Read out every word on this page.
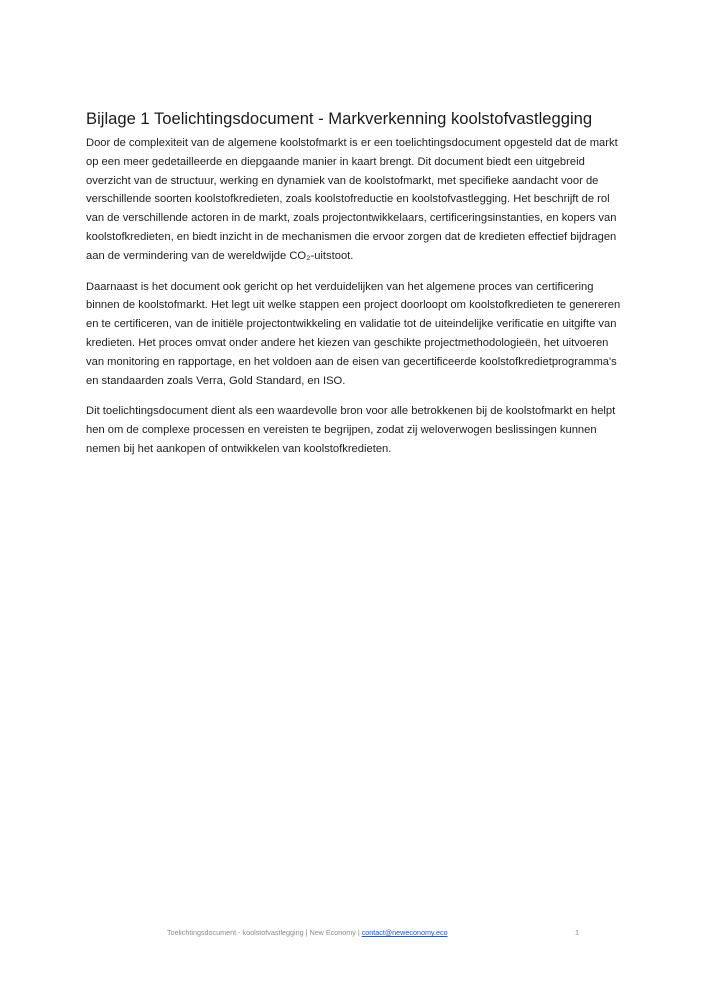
Bijlage 1 Toelichtingsdocument - Markverkenning koolstofvastlegging

Door de complexiteit van de algemene koolstofmarkt is er een toelichtingsdocument opgesteld dat de markt op een meer gedetailleerde en diepgaande manier in kaart brengt. Dit document biedt een uitgebreid overzicht van de structuur, werking en dynamiek van de koolstofmarkt, met specifieke aandacht voor de verschillende soorten koolstofkredieten, zoals koolstofreductie en koolstofvastlegging. Het beschrijft de rol van de verschillende actoren in de markt, zoals projectontwikkelaars, certificeringsinstanties, en kopers van koolstofkredieten, en biedt inzicht in de mechanismen die ervoor zorgen dat de kredieten effectief bijdragen aan de vermindering van de wereldwijde CO₂-uitstoot.

Daarnaast is het document ook gericht op het verduidelijken van het algemene proces van certificering binnen de koolstofmarkt. Het legt uit welke stappen een project doorloopt om koolstofkredieten te genereren en te certificeren, van de initiële projectontwikkeling en validatie tot de uiteindelijke verificatie en uitgifte van kredieten. Het proces omvat onder andere het kiezen van geschikte projectmethodologieën, het uitvoeren van monitoring en rapportage, en het voldoen aan de eisen van gecertificeerde koolstofkredietprogramma's en standaarden zoals Verra, Gold Standard, en ISO.

Dit toelichtingsdocument dient als een waardevolle bron voor alle betrokkenen bij de koolstofmarkt en helpt hen om de complexe processen en vereisten te begrijpen, zodat zij weloverwogen beslissingen kunnen nemen bij het aankopen of ontwikkelen van koolstofkredieten.

Toelichtingsdocument - koolstofvastlegging | New Economy | contact@neweconomy.eco	1
